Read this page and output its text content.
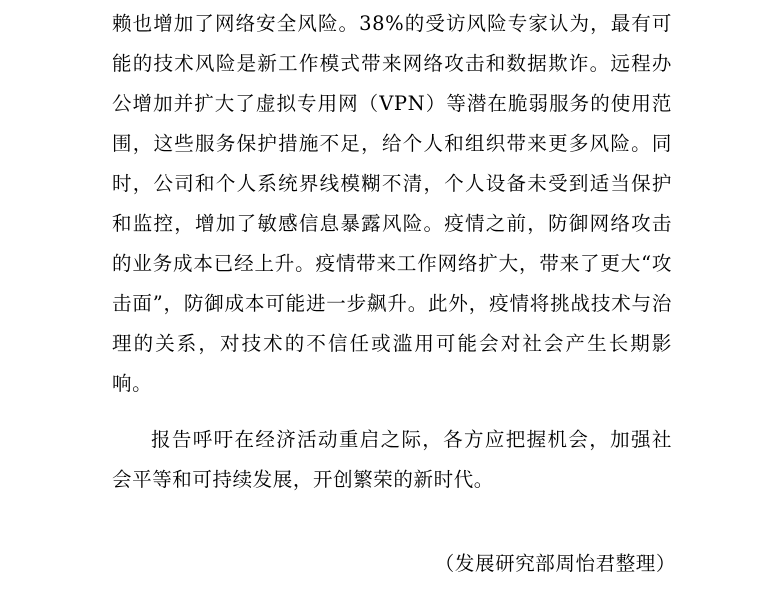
赖也增加了网络安全风险。38%的受访风险专家认为，最有可能的技术风险是新工作模式带来网络攻击和数据欺诈。远程办公增加并扩大了虚拟专用网（VPN）等潜在脆弱服务的使用范围，这些服务保护措施不足，给个人和组织带来更多风险。同时，公司和个人系统界线模糊不清，个人设备未受到适当保护和监控，增加了敏感信息暴露风险。疫情之前，防御网络攻击的业务成本已经上升。疫情带来工作网络扩大，带来了更大“攻击面”，防御成本可能进一步飙升。此外，疫情将挑战技术与治理的关系，对技术的不信任或滥用可能会对社会产生长期影响。

报告呼吁在经济活动重启之际，各方应把握机会，加强社会平等和可持续发展，开创繁荣的新时代。

（发展研究部周怡君整理）
